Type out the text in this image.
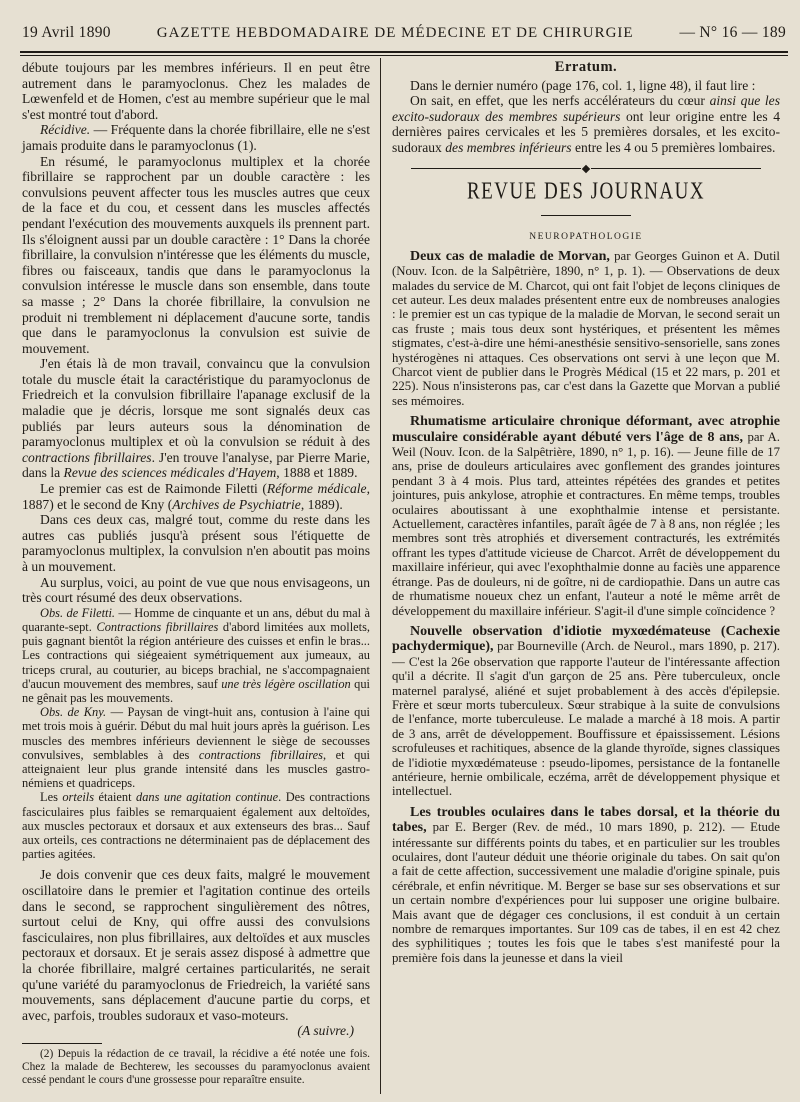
19 Avril 1890	GAZETTE HEBDOMADAIRE DE MÉDECINE ET DE CHIRURGIE	— N° 16 — 189

débute toujours par les membres inférieurs. Il en peut être autrement dans le paramyoclonus. Chez les malades de Lœwenfeld et de Homen, c'est au membre supérieur que le mal s'est montré tout d'abord.

Récidive. — Fréquente dans la chorée fibrillaire, elle ne s'est jamais produite dans le paramyoclonus (1).

En résumé, le paramyoclonus multiplex et la chorée fibrillaire se rapprochent par un double caractère : les convulsions peuvent affecter tous les muscles autres que ceux de la face et du cou, et cessent dans les muscles affectés pendant l'exécution des mouvements auxquels ils prennent part. Ils s'éloignent aussi par un double caractère : 1° Dans la chorée fibrillaire, la convulsion n'intéresse que les éléments du muscle, fibres ou faisceaux, tandis que dans le paramyoclonus la convulsion intéresse le muscle dans son ensemble, dans toute sa masse ; 2° Dans la chorée fibrillaire, la convulsion ne produit ni tremblement ni déplacement d'aucune sorte, tandis que dans le paramyoclonus la convulsion est suivie de mouvement.

J'en étais là de mon travail, convaincu que la convulsion totale du muscle était la caractéristique du paramyoclonus de Friedreich et la convulsion fibrillaire l'apanage exclusif de la maladie que je décris, lorsque me sont signalés deux cas publiés par leurs auteurs sous la dénomination de paramyoclonus multiplex et où la convulsion se réduit à des contractions fibrillaires. J'en trouve l'analyse, par Pierre Marie, dans la Revue des sciences médicales d'Hayem, 1888 et 1889.

Le premier cas est de Raimonde Filetti (Réforme médicale, 1887) et le second de Kny (Archives de Psychiatrie, 1889).

Dans ces deux cas, malgré tout, comme du reste dans les autres cas publiés jusqu'à présent sous l'étiquette de paramyoclonus multiplex, la convulsion n'en aboutit pas moins à un mouvement.

Au surplus, voici, au point de vue que nous envisageons, un très court résumé des deux observations.

Obs. de Filetti. — Homme de cinquante et un ans, début du mal à quarante-sept. Contractions fibrillaires d'abord limitées aux mollets, puis gagnant bientôt la région antérieure des cuisses et enfin le bras... Les contractions qui siégeaient symétriquement aux jumeaux, au triceps crural, au couturier, au biceps brachial, ne s'accompagnaient d'aucun mouvement des membres, sauf une très légère oscillation qui ne gênait pas les mouvements.

Obs. de Kny. — Paysan de vingt-huit ans, contusion à l'aine qui met trois mois à guérir. Début du mal huit jours après la guérison. Les muscles des membres inférieurs deviennent le siège de secousses convulsives, semblables à des contractions fibrillaires, et qui atteignaient leur plus grande intensité dans les muscles gastro-némiens et quadriceps.

Les orteils étaient dans une agitation continue. Des contractions fasciculaires plus faibles se remarquaient également aux deltoïdes, aux muscles pectoraux et dorsaux et aux extenseurs des bras... Sauf aux orteils, ces contractions ne déterminaient pas de déplacement des parties agitées.

Je dois convenir que ces deux faits, malgré le mouvement oscillatoire dans le premier et l'agitation continue des orteils dans le second, se rapprochent singulièrement des nôtres, surtout celui de Kny, qui offre aussi des convulsions fasciculaires, non plus fibrillaires, aux deltoïdes et aux muscles pectoraux et dorsaux. Et je serais assez disposé à admettre que la chorée fibrillaire, malgré certaines particularités, ne serait qu'une variété du paramyoclonus de Friedreich, la variété sans mouvements, sans déplacement d'aucune partie du corps, et avec, parfois, troubles sudoraux et vaso-moteurs.

(A suivre.)

(2) Depuis la rédaction de ce travail, la récidive a été notée une fois. Chez la malade de Bechterew, les secousses du paramyoclonus avaient cessé pendant le cours d'une grossesse pour reparaître ensuite.

Erratum.

Dans le dernier numéro (page 176, col. 1, ligne 48), il faut lire :

On sait, en effet, que les nerfs accélérateurs du cœur ainsi que les excito-sudoraux des membres supérieurs ont leur origine entre les 4 dernières paires cervicales et les 5 premières dorsales, et les excito-sudoraux des membres inférieurs entre les 4 ou 5 premières lombaires.

REVUE DES JOURNAUX
NEUROPATHOLOGIE

Deux cas de maladie de Morvan, par Georges Guinon et A. Dutil (Nouv. Icon. de la Salpêtrière, 1890, n° 1, p. 1). — Observations de deux malades du service de M. Charcot, qui ont fait l'objet de leçons cliniques de cet auteur. Les deux malades présentent entre eux de nombreuses analogies : le premier est un cas typique de la maladie de Morvan, le second serait un cas fruste ; mais tous deux sont hystériques, et présentent les mêmes stigmates, c'est-à-dire une hémi-anesthésie sensitivo-sensorielle, sans zones hystérogènes ni attaques. Ces observations ont servi à une leçon que M. Charcot vient de publier dans le Progrès Médical (15 et 22 mars, p. 201 et 225). Nous n'insisterons pas, car c'est dans la Gazette que Morvan a publié ses mémoires.

Rhumatisme articulaire chronique déformant, avec atrophie musculaire considérable ayant débuté vers l'âge de 8 ans, par A. Weil (Nouv. Icon. de la Salpêtrière, 1890, n° 1, p. 16). — Jeune fille de 17 ans, prise de douleurs articulaires avec gonflement des grandes jointures pendant 3 à 4 mois. Plus tard, atteintes répétées des grandes et petites jointures, puis ankylose, atrophie et contractures. En même temps, troubles oculaires aboutissant à une exophthalmie intense et persistante. Actuellement, caractères infantiles, paraît âgée de 7 à 8 ans, non réglée ; les membres sont très atrophiés et diversement contracturés, les extrémités offrant les types d'attitude vicieuse de Charcot. Arrêt de développement du maxillaire inférieur, qui avec l'exophthalmie donne au faciès une apparence étrange. Pas de douleurs, ni de goître, ni de cardiopathie. Dans un autre cas de rhumatisme noueux chez un enfant, l'auteur a noté le même arrêt de développement du maxillaire inférieur. S'agit-il d'une simple coïncidence ?

Nouvelle observation d'idiotie myxœdémateuse (Cachexie pachydermique), par Bourneville (Arch. de Neurol., mars 1890, p. 217). — C'est la 26e observation que rapporte l'auteur de l'intéressante affection qu'il a décrite. Il s'agit d'un garçon de 25 ans. Père tuberculeux, oncle maternel paralysé, aliéné et sujet probablement à des accès d'épilepsie. Frère et sœur morts tuberculeux. Sœur strabique à la suite de convulsions de l'enfance, morte tuberculeuse. Le malade a marché à 18 mois. A partir de 3 ans, arrêt de développement. Bouffissure et épaississement. Lésions scrofuleuses et rachitiques, absence de la glande thyroïde, signes classiques de l'idiotie myxœdémateuse : pseudo-lipomes, persistance de la fontanelle antérieure, hernie ombilicale, eczéma, arrêt de développement physique et intellectuel.

Les troubles oculaires dans le tabes dorsal, et la théorie du tabes, par E. Berger (Rev. de méd., 10 mars 1890, p. 212). — Etude intéressante sur différents points du tabes, et en particulier sur les troubles oculaires, dont l'auteur déduit une théorie originale du tabes. On sait qu'on a fait de cette affection, successivement une maladie d'origine spinale, puis cérébrale, et enfin névritique. M. Berger se base sur ses observations et sur un certain nombre d'expériences pour lui supposer une origine bulbaire. Mais avant que de dégager ces conclusions, il est conduit à un certain nombre de remarques importantes. Sur 109 cas de tabes, il en est 42 chez des syphilitiques ; toutes les fois que le tabes s'est manifesté pour la première fois dans la jeunesse et dans la vieil
